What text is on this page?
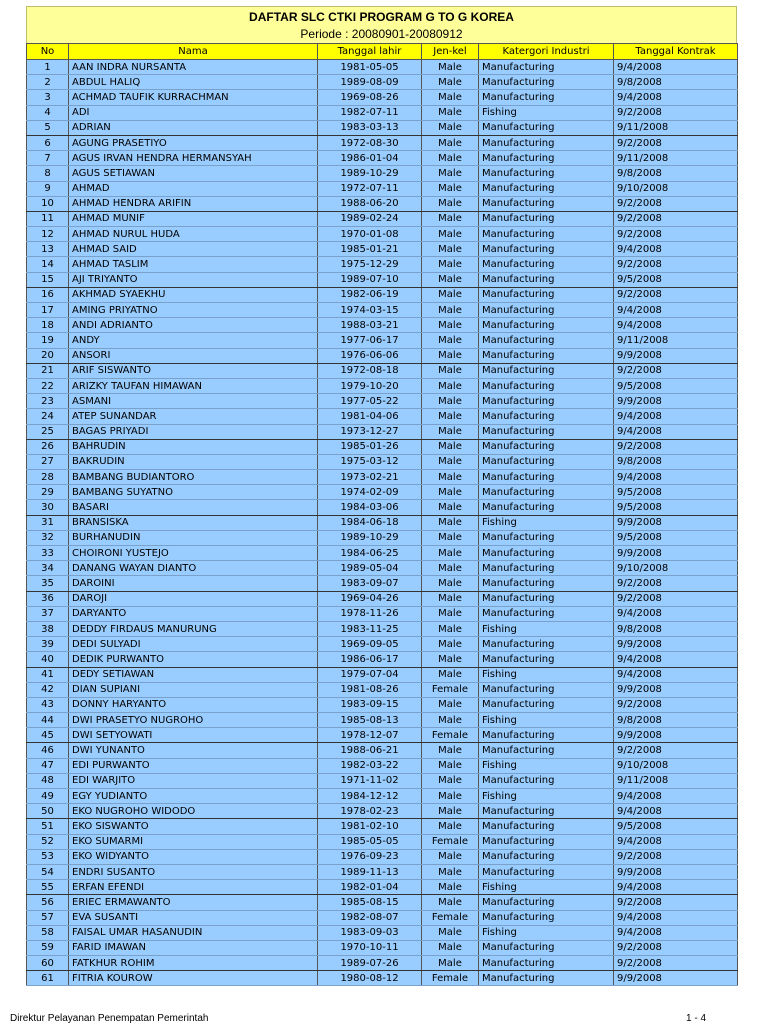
DAFTAR SLC CTKI PROGRAM G TO G KOREA
Periode : 20080901-20080912
No	Nama	Tanggal lahir	Jen-kel	Katergori Industri	Tanggal Kontrak
1	AAN INDRA NURSANTA	1981-05-05	Male	Manufacturing	9/4/2008
2	ABDUL HALIQ	1989-08-09	Male	Manufacturing	9/8/2008
3	ACHMAD TAUFIK KURRACHMAN	1969-08-26	Male	Manufacturing	9/4/2008
4	ADI	1982-07-11	Male	Fishing	9/2/2008
5	ADRIAN	1983-03-13	Male	Manufacturing	9/11/2008
6	AGUNG PRASETIYO	1972-08-30	Male	Manufacturing	9/2/2008
7	AGUS IRVAN HENDRA HERMANSYAH	1986-01-04	Male	Manufacturing	9/11/2008
8	AGUS SETIAWAN	1989-10-29	Male	Manufacturing	9/8/2008
9	AHMAD	1972-07-11	Male	Manufacturing	9/10/2008
10	AHMAD HENDRA ARIFIN	1988-06-20	Male	Manufacturing	9/2/2008
11	AHMAD MUNIF	1989-02-24	Male	Manufacturing	9/2/2008
12	AHMAD NURUL HUDA	1970-01-08	Male	Manufacturing	9/2/2008
13	AHMAD SAID	1985-01-21	Male	Manufacturing	9/4/2008
14	AHMAD TASLIM	1975-12-29	Male	Manufacturing	9/2/2008
15	AJI TRIYANTO	1989-07-10	Male	Manufacturing	9/5/2008
16	AKHMAD SYAEKHU	1982-06-19	Male	Manufacturing	9/2/2008
17	AMING PRIYATNO	1974-03-15	Male	Manufacturing	9/4/2008
18	ANDI ADRIANTO	1988-03-21	Male	Manufacturing	9/4/2008
19	ANDY	1977-06-17	Male	Manufacturing	9/11/2008
20	ANSORI	1976-06-06	Male	Manufacturing	9/9/2008
21	ARIF SISWANTO	1972-08-18	Male	Manufacturing	9/2/2008
22	ARIZKY TAUFAN HIMAWAN	1979-10-20	Male	Manufacturing	9/5/2008
23	ASMANI	1977-05-22	Male	Manufacturing	9/9/2008
24	ATEP SUNANDAR	1981-04-06	Male	Manufacturing	9/4/2008
25	BAGAS PRIYADI	1973-12-27	Male	Manufacturing	9/4/2008
26	BAHRUDIN	1985-01-26	Male	Manufacturing	9/2/2008
27	BAKRUDIN	1975-03-12	Male	Manufacturing	9/8/2008
28	BAMBANG BUDIANTORO	1973-02-21	Male	Manufacturing	9/4/2008
29	BAMBANG SUYATNO	1974-02-09	Male	Manufacturing	9/5/2008
30	BASARI	1984-03-06	Male	Manufacturing	9/5/2008
31	BRANSISKA	1984-06-18	Male	Fishing	9/9/2008
32	BURHANUDIN	1989-10-29	Male	Manufacturing	9/5/2008
33	CHOIRONI YUSTEJO	1984-06-25	Male	Manufacturing	9/9/2008
34	DANANG WAYAN DIANTO	1989-05-04	Male	Manufacturing	9/10/2008
35	DAROINI	1983-09-07	Male	Manufacturing	9/2/2008
36	DAROJI	1969-04-26	Male	Manufacturing	9/2/2008
37	DARYANTO	1978-11-26	Male	Manufacturing	9/4/2008
38	DEDDY FIRDAUS MANURUNG	1983-11-25	Male	Fishing	9/8/2008
39	DEDI SULYADI	1969-09-05	Male	Manufacturing	9/9/2008
40	DEDIK PURWANTO	1986-06-17	Male	Manufacturing	9/4/2008
41	DEDY SETIAWAN	1979-07-04	Male	Fishing	9/4/2008
42	DIAN SUPIANI	1981-08-26	Female	Manufacturing	9/9/2008
43	DONNY HARYANTO	1983-09-15	Male	Manufacturing	9/2/2008
44	DWI PRASETYO NUGROHO	1985-08-13	Male	Fishing	9/8/2008
45	DWI SETYOWATI	1978-12-07	Female	Manufacturing	9/9/2008
46	DWI YUNANTO	1988-06-21	Male	Manufacturing	9/2/2008
47	EDI PURWANTO	1982-03-22	Male	Fishing	9/10/2008
48	EDI WARJITO	1971-11-02	Male	Manufacturing	9/11/2008
49	EGY YUDIANTO	1984-12-12	Male	Fishing	9/4/2008
50	EKO NUGROHO WIDODO	1978-02-23	Male	Manufacturing	9/4/2008
51	EKO SISWANTO	1981-02-10	Male	Manufacturing	9/5/2008
52	EKO SUMARMI	1985-05-05	Female	Manufacturing	9/4/2008
53	EKO WIDYANTO	1976-09-23	Male	Manufacturing	9/2/2008
54	ENDRI SUSANTO	1989-11-13	Male	Manufacturing	9/9/2008
55	ERFAN EFENDI	1982-01-04	Male	Fishing	9/4/2008
56	ERIEC ERMAWANTO	1985-08-15	Male	Manufacturing	9/2/2008
57	EVA SUSANTI	1982-08-07	Female	Manufacturing	9/4/2008
58	FAISAL UMAR HASANUDIN	1983-09-03	Male	Fishing	9/4/2008
59	FARID IMAWAN	1970-10-11	Male	Manufacturing	9/2/2008
60	FATKHUR ROHIM	1989-07-26	Male	Manufacturing	9/2/2008
61	FITRIA KOUROW	1980-08-12	Female	Manufacturing	9/9/2008
Direktur Pelayanan Penempatan Pemerintah	1 - 4
